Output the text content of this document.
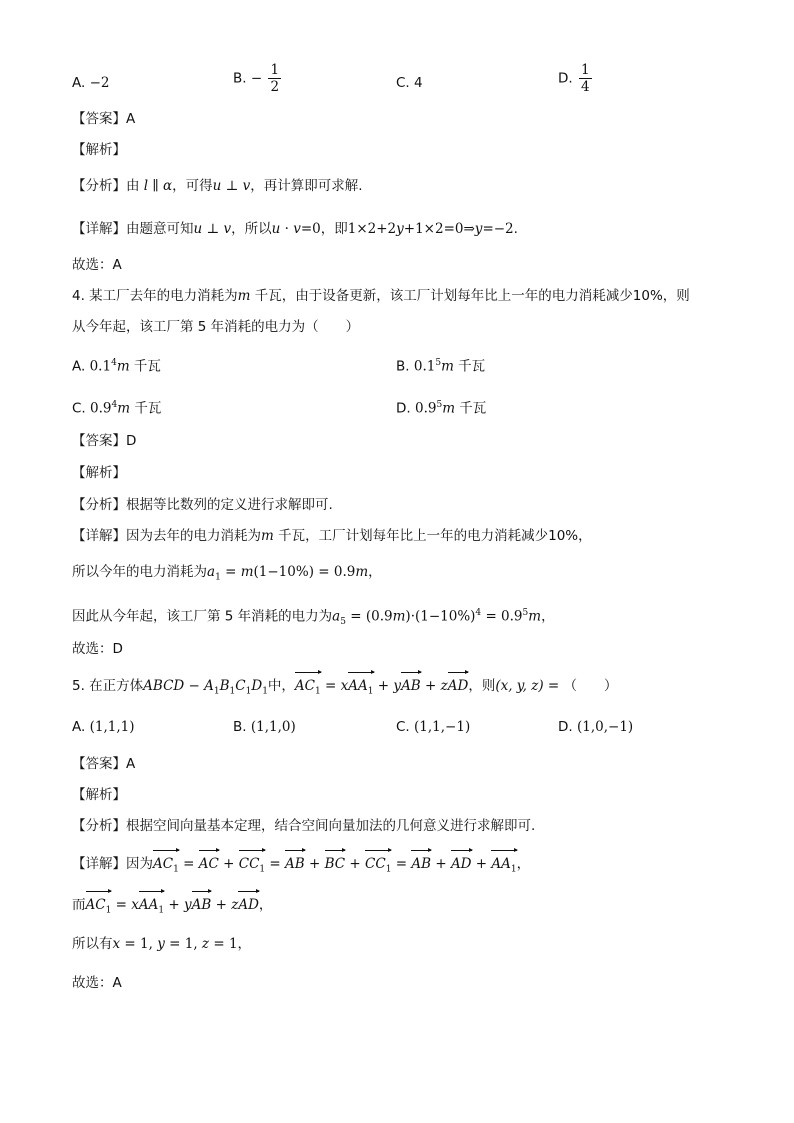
A. −2	B. − $\frac{1}{2}$	C. 4	D. $\frac{1}{4}$
【答案】A
【解析】
【分析】由 l ∥ α，可得u ⊥ v，再计算即可求解.
【详解】由题意可知u ⊥ v，所以u · v=0，即1×2+2y+1×2=0⇒y=−2.
故选：A
4. 某工厂去年的电力消耗为m 千瓦，由于设备更新，该工厂计划每年比上一年的电力消耗减少10%，则
从今年起，该工厂第 5 年消耗的电力为（　　）
A. $0.1^4m$ 千瓦	B. $0.1^5m$ 千瓦
C. $0.9^4m$ 千瓦	D. $0.9^5m$ 千瓦
【答案】D
【解析】
【分析】根据等比数列的定义进行求解即可.
【详解】因为去年的电力消耗为m 千瓦，工厂计划每年比上一年的电力消耗减少10%，
所以今年的电力消耗为$a_1 = m(1-10\%) = 0.9m$，
因此从今年起，该工厂第 5 年消耗的电力为$a_5 = (0.9m)\cdot(1-10\%)^4 = 0.9^5m$，
故选：D
5. 在正方体ABCD − $A_1B_1C_1D_1$中，
$AC_1 = x$
$AA_1 + y$
AB + z
AD，则(x, y, z) = （　　）
A. (1,1,1)	B. (1,1,0)	C. (1,1,−1)	D. (1,0,−1)
【答案】A
【解析】
【分析】根据空间向量基本定理，结合空间向量加法的几何意义进行求解即可.
【详解】因为
$AC_1$ =
AC +
$CC_1$ =
AB +
BC +
$CC_1$ =
AB +
AD +
$AA_1$，
而
$AC_1 = x$
$AA_1 + y$
AB + z
AD，
所以有x = 1, y = 1, z = 1，
故选：A
